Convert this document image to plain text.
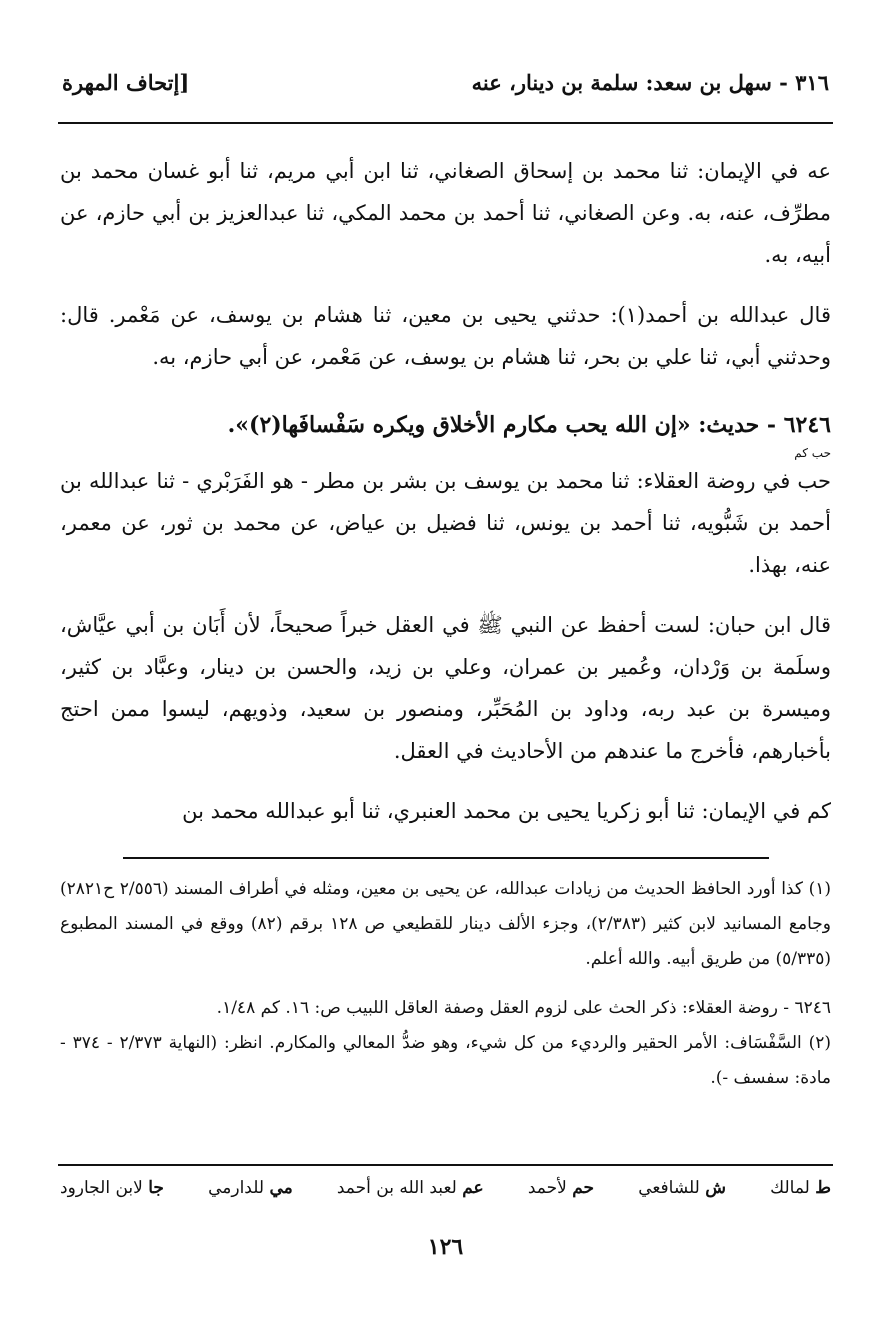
٣١٦ - سهل بن سعد: سلمة بن دينار، عنه
[إتحاف المهرة

عه في الإيمان: ثنا محمد بن إسحاق الصغاني، ثنا ابن أبي مريم، ثنا أبو غسان محمد بن مطرِّف، عنه، به. وعن الصغاني، ثنا أحمد بن محمد المكي، ثنا عبدالعزيز بن أبي حازم، عن أبيه، به.

قال عبدالله بن أحمد(١): حدثني يحيى بن معين، ثنا هشام بن يوسف، عن مَعْمر. قال: وحدثني أبي، ثنا علي بن بحر، ثنا هشام بن يوسف، عن مَعْمر، عن أبي حازم، به.

٦٢٤٦ - حديث: «إن الله يحب مكارم الأخلاق ويكره سَفْسافَها(٢)».

حب كم

حب في روضة العقلاء: ثنا محمد بن يوسف بن بشر بن مطر - هو الفَرَبْري - ثنا عبدالله بن أحمد بن شَبُّويه، ثنا أحمد بن يونس، ثنا فضيل بن عياض، عن محمد بن ثور، عن معمر، عنه، بهذا.

قال ابن حبان: لست أحفظ عن النبي ﷺ في العقل خبراً صحيحاً، لأن أَبَان بن أبي عيَّاش، وسلَمة بن وَرْدان، وعُمير بن عمران، وعلي بن زيد، والحسن بن دينار، وعبَّاد بن كثير، وميسرة بن عبد ربه، وداود بن المُحَبِّر، ومنصور بن سعيد، وذويهم، ليسوا ممن احتج بأخبارهم، فأخرج ما عندهم من الأحاديث في العقل.

كم في الإيمان: ثنا أبو زكريا يحيى بن محمد العنبري، ثنا أبو عبدالله محمد بن

(١) كذا أورد الحافظ الحديث من زيادات عبدالله، عن يحيى بن معين، ومثله في أطراف المسند (٢/٥٥٦ ح٢٨٢١) وجامع المسانيد لابن كثير (٢/٣٨٣)، وجزء الألف دينار للقطيعي ص ١٢٨ برقم (٨٢) ووقع في المسند المطبوع (٥/٣٣٥) من طريق أبيه. والله أعلم.

٦٢٤٦ - روضة العقلاء: ذكر الحث على لزوم العقل وصفة العاقل اللبيب ص: ١٦. كم ١/٤٨.

(٢) السَّفْسَاف: الأمر الحقير والرديء من كل شيء، وهو ضدُّ المعالي والمكارم. انظر: (النهاية ٢/٣٧٣ - ٣٧٤ - مادة: سفسف -).

ط لمالك
ش للشافعي
حم لأحمد
عم لعبد الله بن أحمد
مي للدارمي
جا لابن الجارود
١٢٦
